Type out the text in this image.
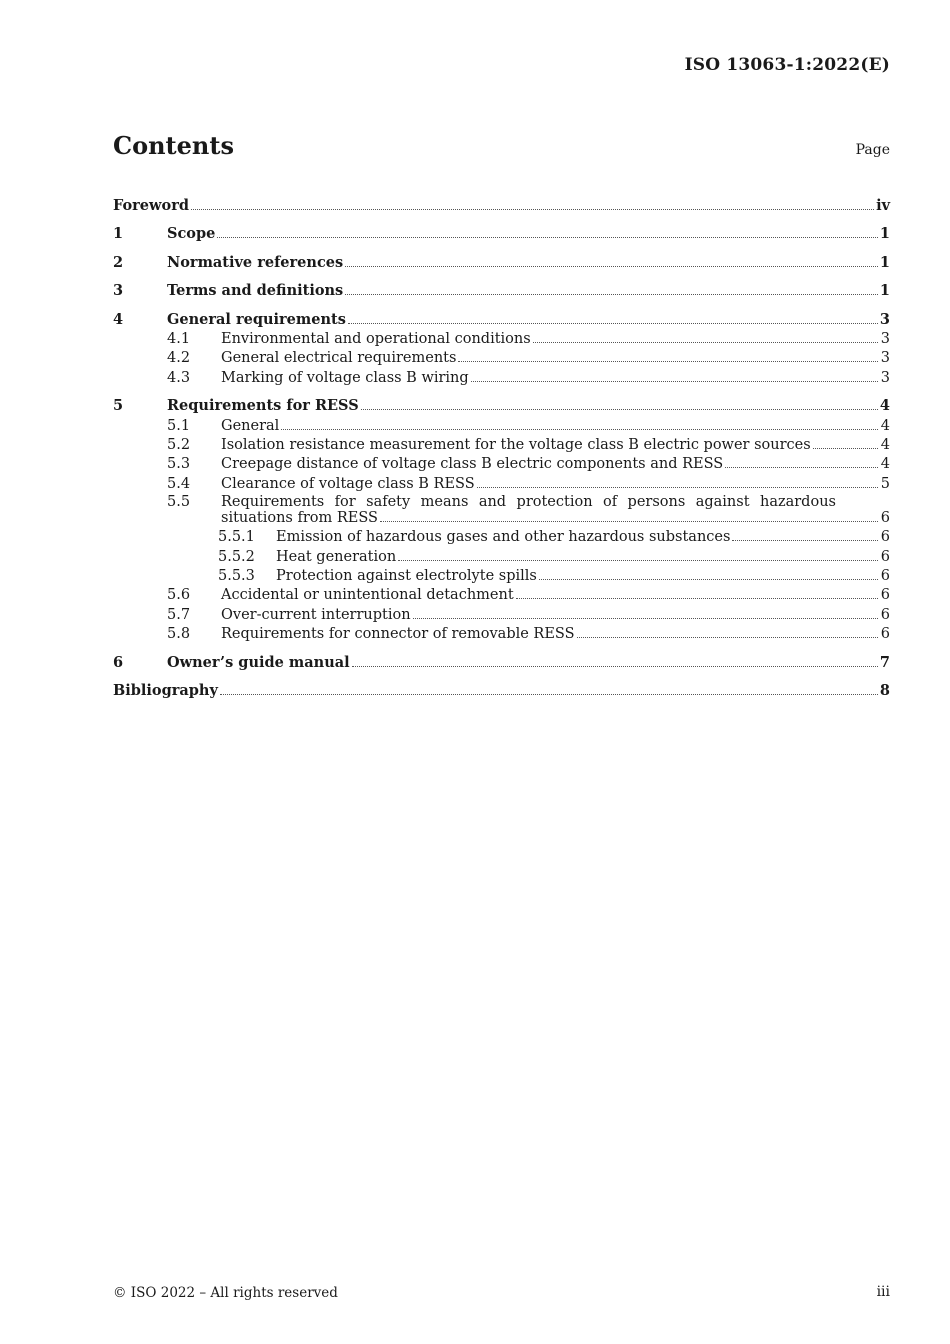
ISO 13063-1:2022(E)
Contents	Page
Foreword	iv
1	Scope	1
2	Normative references	1
3	Terms and definitions	1
4	General requirements	3
4.1	Environmental and operational conditions	3
4.2	General electrical requirements	3
4.3	Marking of voltage class B wiring	3
5	Requirements for RESS	4
5.1	General	4
5.2	Isolation resistance measurement for the voltage class B electric power sources	4
5.3	Creepage distance of voltage class B electric components and RESS	4
5.4	Clearance of voltage class B RESS	5
5.5	Requirements for safety means and protection of persons against hazardous
situations from RESS	6
5.5.1	Emission of hazardous gases and other hazardous substances	6
5.5.2	Heat generation	6
5.5.3	Protection against electrolyte spills	6
5.6	Accidental or unintentional detachment	6
5.7	Over-current interruption	6
5.8	Requirements for connector of removable RESS	6
6	Owner’s guide manual	7
Bibliography	8
© ISO 2022 – All rights reserved	iii
